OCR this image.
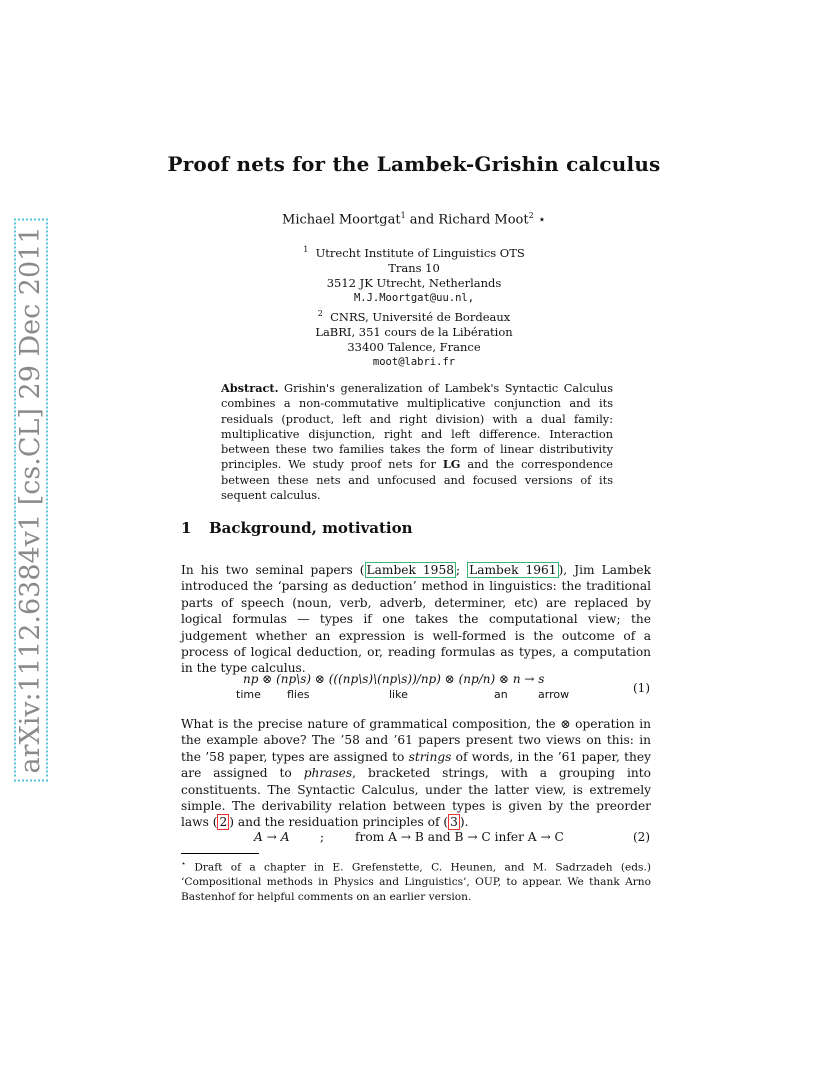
arXiv:1112.6384v1 [cs.CL] 29 Dec 2011
Proof nets for the Lambek-Grishin calculus
Michael Moortgat$^1$ and Richard Moot$^2$ ⋆
$^1$ Utrecht Institute of Linguistics OTS
Trans 10
3512 JK Utrecht, Netherlands
M.J.Moortgat@uu.nl,
$^2$ CNRS, Université de Bordeaux
LaBRI, 351 cours de la Libération
33400 Talence, France
moot@labri.fr
Abstract. Grishin's generalization of Lambek's Syntactic Calculus combines a non-commutative multiplicative conjunction and its residuals (product, left and right division) with a dual family: multiplicative disjunction, right and left difference. Interaction between these two families takes the form of linear distributivity principles. We study proof nets for LG and the correspondence between these nets and unfocused and focused versions of its sequent calculus.
1 Background, motivation
In his two seminal papers ( Lambek 1958 ; Lambek 1961 ), Jim Lambek introduced the ‘parsing as deduction’ method in linguistics: the traditional parts of speech (noun, verb, adverb, determiner, etc) are replaced by logical formulas — types if one takes the computational view; the judgement whether an expression is well-formed is the outcome of a process of logical deduction, or, reading formulas as types, a computation in the type calculus.
np ⊗ (np\s) ⊗ (((np\s)\(np\s))/np) ⊗ (np/n) ⊗ n → s
time flies	like	an	arrow	(1)
What is the precise nature of grammatical composition, the ⊗ operation in the example above? The ’58 and ’61 papers present two views on this: in the ’58 paper, types are assigned to strings of words, in the ’61 paper, they are assigned to phrases, bracketed strings, with a grouping into constituents. The Syntactic Calculus, under the latter view, is extremely simple. The derivability relation between types is given by the preorder laws ( 2 ) and the residuation principles of ( 3 ).
A → A ;	from A → B and B → C infer A → C	(2)
⋆ Draft of a chapter in E. Grefenstette, C. Heunen, and M. Sadrzadeh (eds.) ‘Compositional methods in Physics and Linguistics’, OUP, to appear. We thank Arno Bastenhof for helpful comments on an earlier version.
